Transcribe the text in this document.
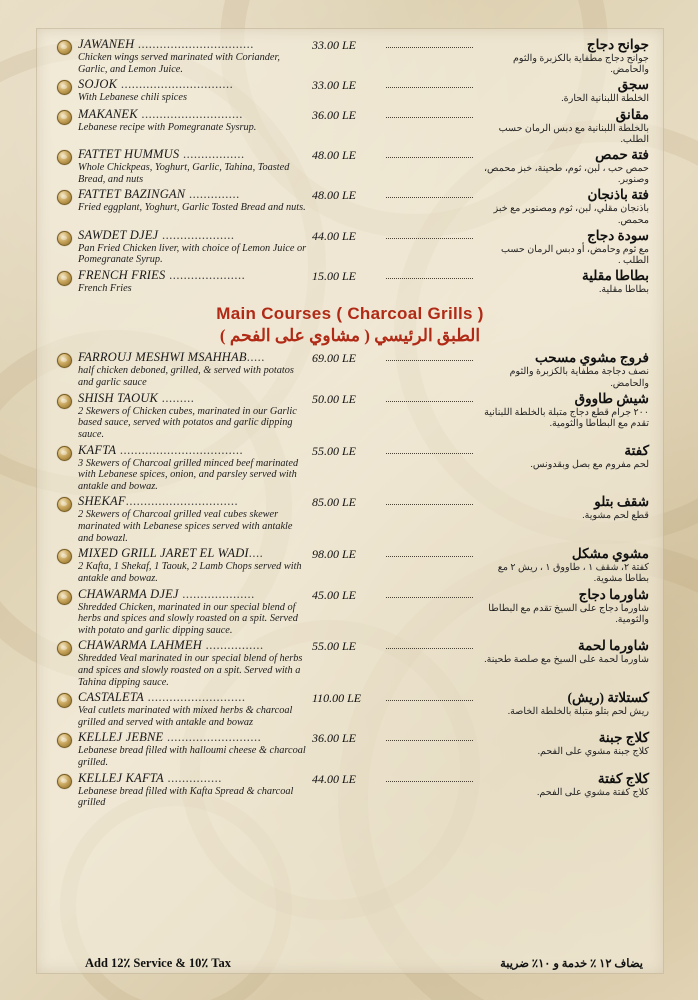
JAWANEH ................................
Chicken wings served marinated with Coriander, Garlic, and Lemon Juice.
33.00 LE	جوانح دجاج
جوانح دجاج مطفاية بالكزبرة والثوم والحامض.
SOJOK ...............................
With Lebanese chili spices
33.00 LE	سجق
الخلطة اللبنانية الحارة.
MAKANEK ............................
Lebanese recipe with Pomegranate Sysrup.
36.00 LE	مقانق
بالخلطة اللبنانية مع دبس الرمان حسب الطلب.
FATTET HUMMUS .................
Whole Chickpeas, Yoghurt, Garlic, Tahina, Toasted Bread, and nuts
48.00 LE	فتة حمص
حمص حب ، لبن، ثوم، طحينة، خبز محمص، وصنوبر.
FATTET BAZINGAN ..............
Fried eggplant, Yoghurt, Garlic Tosted Bread and nuts.
48.00 LE	فتة باذنجان
باذنجان مقلي، لبن، ثوم ومصنوبر مع خبز محمص.
SAWDET DJEJ ....................
Pan Fried Chicken liver, with choice of Lemon Juice or Pomegranate Syrup.
44.00 LE	سودة دجاج
مع ثوم وحامض، أو دبس الرمان حسب الطلب .
FRENCH FRIES .....................
French Fries
15.00 LE	بطاطا مقلية
بطاطا مقلية.
Main Courses ( Charcoal Grills )
الطبق الرئيسي ( مشاوي على الفحم )
FARROUJ MESHWI MSAHHAB.....
half chicken deboned, grilled, & served with potatos and garlic sauce
69.00 LE	فروج مشوي مسحب
نصف دجاجة مطفاية بالكزبرة والثوم والحامض.
SHISH TAOUK .........
2 Skewers of Chicken cubes, marinated in our Garlic based sauce, served with potatos and garlic dipping sauce.
50.00 LE	شيش طاووق
٢٠٠ جرام قطع دجاج متبلة بالخلطة اللبنانية تقدم مع البطاطا والثومية.
KAFTA ..................................
3 Skewers of Charcoal grilled minced beef marinated with Lebanese spices, onion, and parsley served with antakle and bowaz.
55.00 LE	كفتة
لحم مفروم مع بصل وبقدونس.
SHEKAF...............................
2 Skewers of Charcoal grilled veal cubes skewer marinated with Lebanese spices served with antakle and bowazl.
85.00 LE	شقف بتلو
قطع لحم مشوية.
MIXED GRILL JARET EL WADI....
2 Kafta, 1 Shekaf, 1 Taouk, 2 Lamb Chops served with antakle and bowaz.
98.00 LE	مشوي مشكل
كفتة ٢، شقف ١ ، طاووق ١ ، ريش ٢ مع بطاطا مشوية.
CHAWARMA DJEJ ....................
Shredded Chicken, marinated in our special blend of herbs and spices and slowly roasted on a spit. Served with potato and garlic dipping sauce.
45.00 LE	شاورما دجاج
شاورما دجاج على السيخ تقدم مع البطاطا والثومية.
CHAWARMA LAHMEH ................
Shredded Veal marinated in our special blend of herbs and spices and slowly roasted on a spit. Served with a Tahina dipping sauce.
55.00 LE	شاورما لحمة
شاورما لحمة على السيخ مع صلصة طحينة.
CASTALETA ...........................
Veal cutlets marinated with mixed herbs & charcoal grilled and served with antakle and bowaz
110.00 LE	كستلاتة (ريش)
ريش لحم بتلو متبلة بالخلطة الخاصة.
KELLEJ JEBNE ..........................
Lebanese bread filled with halloumi cheese & charcoal grilled.
36.00 LE	كلاج جبنة
كلاج جبنة مشوي على الفحم.
KELLEJ KAFTA ...............
Lebanese bread filled with Kafta Spread & charcoal grilled
44.00 LE	كلاج كفتة
كلاج كفتة مشوي على الفحم.
Add 12٪ Service & 10٪ Tax	يضاف ١٢ ٪ خدمة و ١٠٪ ضريبة
